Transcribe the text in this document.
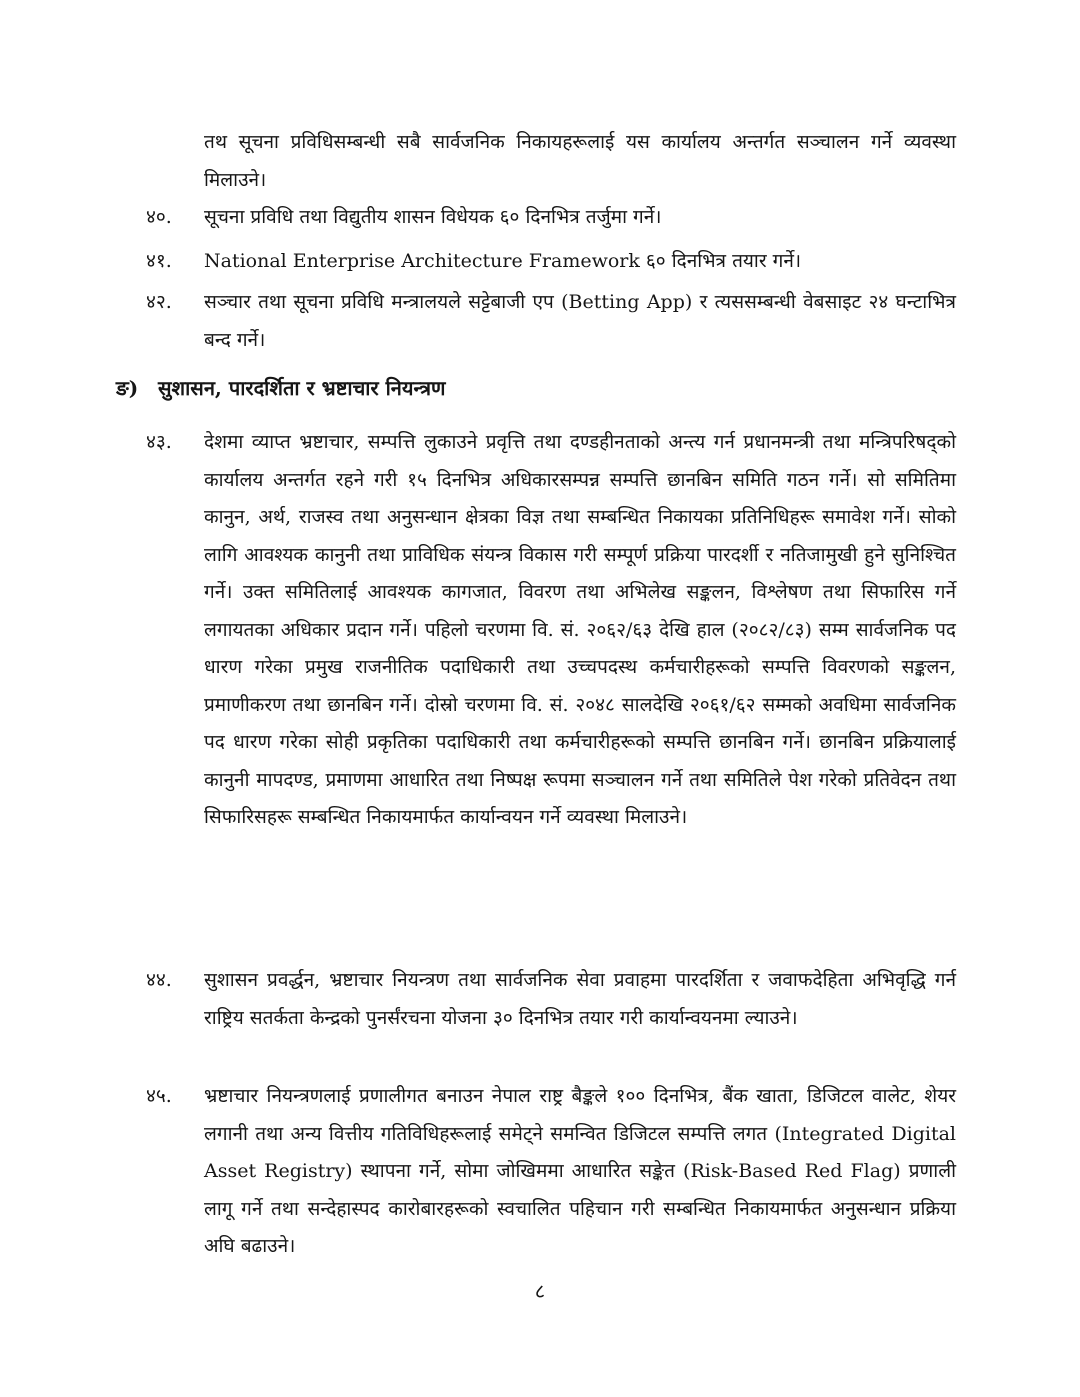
तथ सूचना प्रविधिसम्बन्धी सबै सार्वजनिक निकायहरूलाई यस कार्यालय अन्तर्गत सञ्चालन गर्ने व्यवस्था मिलाउने।
४०.	सूचना प्रविधि तथा विद्युतीय शासन विधेयक ६० दिनभित्र तर्जुमा गर्ने।
४१.	National Enterprise Architecture Framework ६० दिनभित्र तयार गर्ने।
४२.	सञ्चार तथा सूचना प्रविधि मन्त्रालयले सट्टेबाजी एप (Betting App) र त्यससम्बन्धी वेबसाइट २४ घन्टाभित्र बन्द गर्ने।
ङ) सुशासन, पारदर्शिता र भ्रष्टाचार नियन्त्रण
४३.	देशमा व्याप्त भ्रष्टाचार, सम्पत्ति लुकाउने प्रवृत्ति तथा दण्डहीनताको अन्त्य गर्न प्रधानमन्त्री तथा मन्त्रिपरिषद्को कार्यालय अन्तर्गत रहने गरी १५ दिनभित्र अधिकारसम्पन्न सम्पत्ति छानबिन समिति गठन गर्ने। सो समितिमा कानुन, अर्थ, राजस्व तथा अनुसन्धान क्षेत्रका विज्ञ तथा सम्बन्धित निकायका प्रतिनिधिहरू समावेश गर्ने। सोको लागि आवश्यक कानुनी तथा प्राविधिक संयन्त्र विकास गरी सम्पूर्ण प्रक्रिया पारदर्शी र नतिजामुखी हुने सुनिश्चित गर्ने। उक्त समितिलाई आवश्यक कागजात, विवरण तथा अभिलेख सङ्कलन, विश्लेषण तथा सिफारिस गर्ने लगायतका अधिकार प्रदान गर्ने। पहिलो चरणमा वि. सं. २०६२/६३ देखि हाल (२०८२/८३) सम्म सार्वजनिक पद धारण गरेका प्रमुख राजनीतिक पदाधिकारी तथा उच्चपदस्थ कर्मचारीहरूको सम्पत्ति विवरणको सङ्कलन, प्रमाणीकरण तथा छानबिन गर्ने। दोस्रो चरणमा वि. सं. २०४८ सालदेखि २०६१/६२ सम्मको अवधिमा सार्वजनिक पद धारण गरेका सोही प्रकृतिका पदाधिकारी तथा कर्मचारीहरूको सम्पत्ति छानबिन गर्ने। छानबिन प्रक्रियालाई कानुनी मापदण्ड, प्रमाणमा आधारित तथा निष्पक्ष रूपमा सञ्चालन गर्ने तथा समितिले पेश गरेको प्रतिवेदन तथा सिफारिसहरू सम्बन्धित निकायमार्फत कार्यान्वयन गर्ने व्यवस्था मिलाउने।
४४.	सुशासन प्रवर्द्धन, भ्रष्टाचार नियन्त्रण तथा सार्वजनिक सेवा प्रवाहमा पारदर्शिता र जवाफदेहिता अभिवृद्धि गर्न राष्ट्रिय सतर्कता केन्द्रको पुनर्संरचना योजना ३० दिनभित्र तयार गरी कार्यान्वयनमा ल्याउने।
४५.	भ्रष्टाचार नियन्त्रणलाई प्रणालीगत बनाउन नेपाल राष्ट्र बैङ्कले १०० दिनभित्र, बैंक खाता, डिजिटल वालेट, शेयर लगानी तथा अन्य वित्तीय गतिविधिहरूलाई समेट्ने समन्वित डिजिटल सम्पत्ति लगत (Integrated Digital Asset Registry) स्थापना गर्ने, सोमा जोखिममा आधारित सङ्केत (Risk-Based Red Flag) प्रणाली लागू गर्ने तथा सन्देहास्पद कारोबारहरूको स्वचालित पहिचान गरी सम्बन्धित निकायमार्फत अनुसन्धान प्रक्रिया अघि बढाउने।
८
